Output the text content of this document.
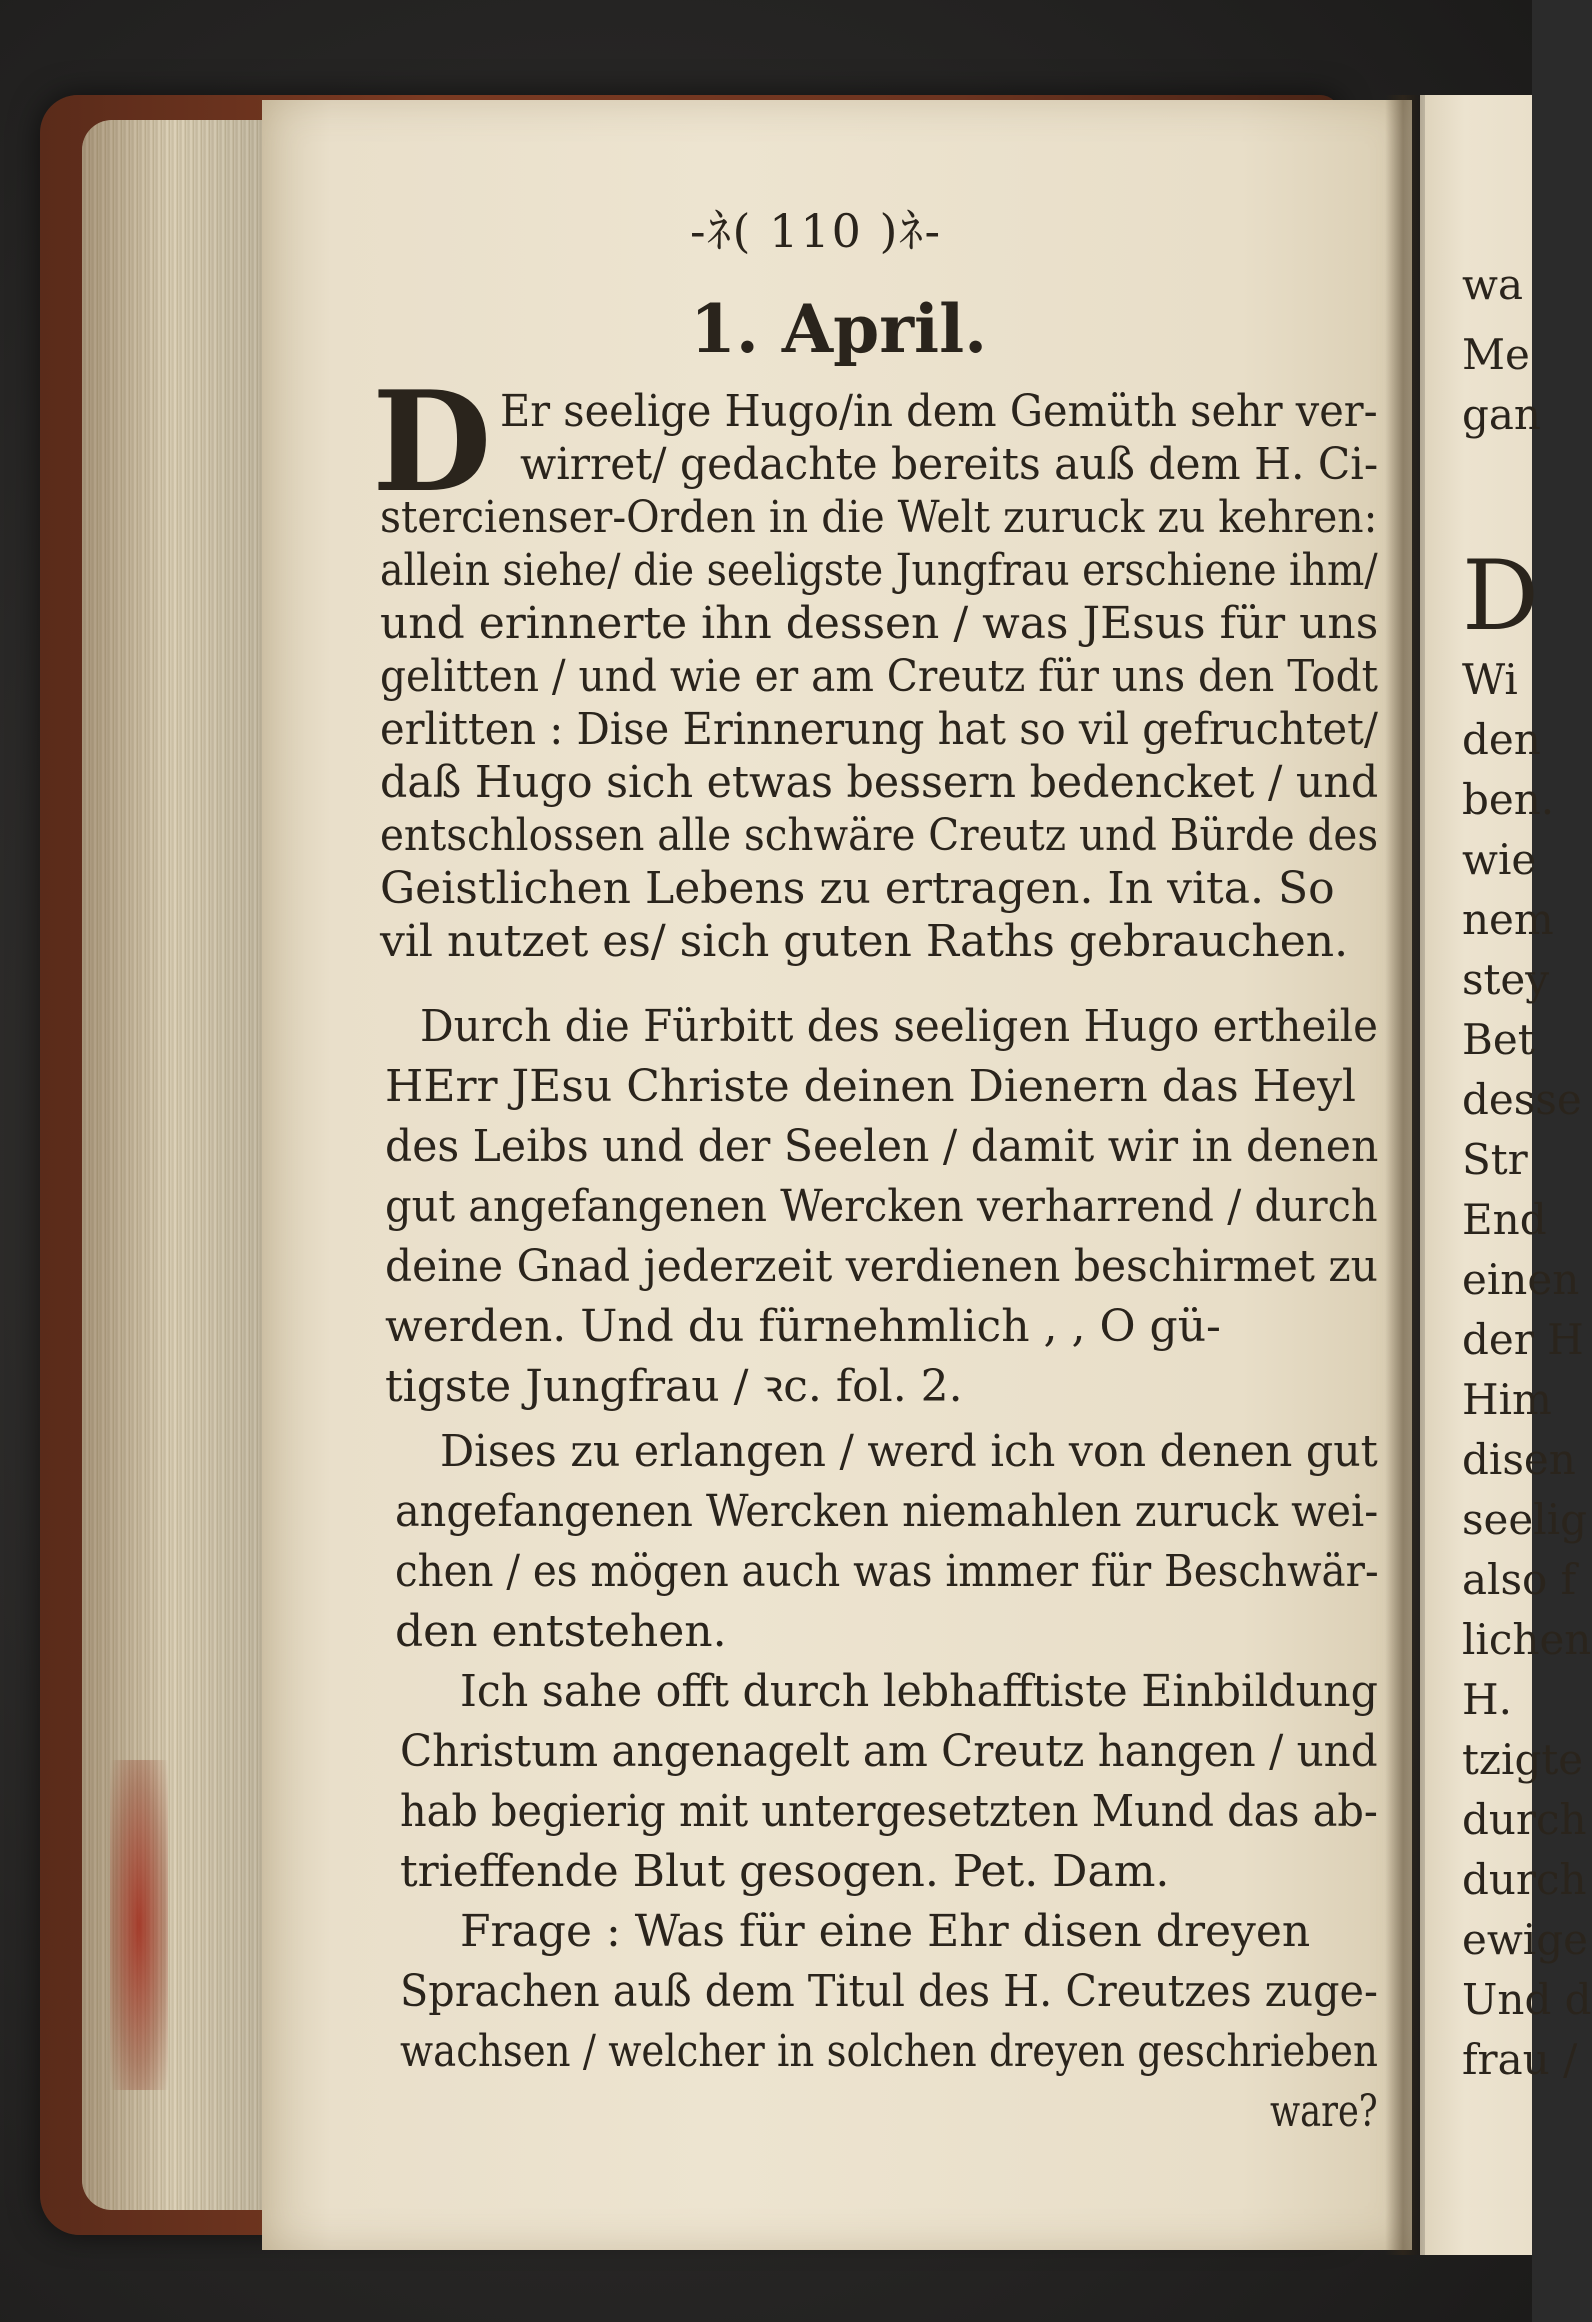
-ﾈ( 110 )ﾈ-
1. April.
D Er seelige Hugo/in dem Gemüth sehr ver-
wirret/ gedachte bereits auß dem H. Ci-
stercienser-Orden in die Welt zuruck zu kehren:
allein siehe/ die seeligste Jungfrau erschiene ihm/
und erinnerte ihn dessen / was JEsus für uns
gelitten / und wie er am Creutz für uns den Todt
erlitten : Dise Erinnerung hat so vil gefruchtet/
daß Hugo sich etwas bessern bedencket / und
entschlossen alle schwäre Creutz und Bürde des
Geistlichen Lebens zu ertragen. In vita. So
vil nutzet es/ sich guten Raths gebrauchen.
Durch die Fürbitt des seeligen Hugo ertheile
HErr JEsu Christe deinen Dienern das Heyl
des Leibs und der Seelen / damit wir in denen
gut angefangenen Wercken verharrend / durch
deine Gnad jederzeit verdienen beschirmet zu
werden. Und du fürnehmlich , , O gü-
tigste Jungfrau / ꝛc. fol. 2.
Dises zu erlangen / werd ich von denen gut
angefangenen Wercken niemahlen zuruck wei-
chen / es mögen auch was immer für Beschwär-
den entstehen.
Ich sahe offt durch lebhafftiste Einbildung
Christum angenagelt am Creutz hangen / und
hab begierig mit untergesetzten Mund das ab-
trieffende Blut gesogen. Pet. Dam.
Frage : Was für eine Ehr disen dreyen
Sprachen auß dem Titul des H. Creutzes zuge-
wachsen / welcher in solchen dreyen geschrieben
ware?
wa
Me
gan
D
Wi
den
ben.
wie
nem
stey
Bet
desse
Str
End
einen
der H
Him
disen
seelig
also f
lichen
H.
tzigte
durch
durch
ewige
Und d
frau /
